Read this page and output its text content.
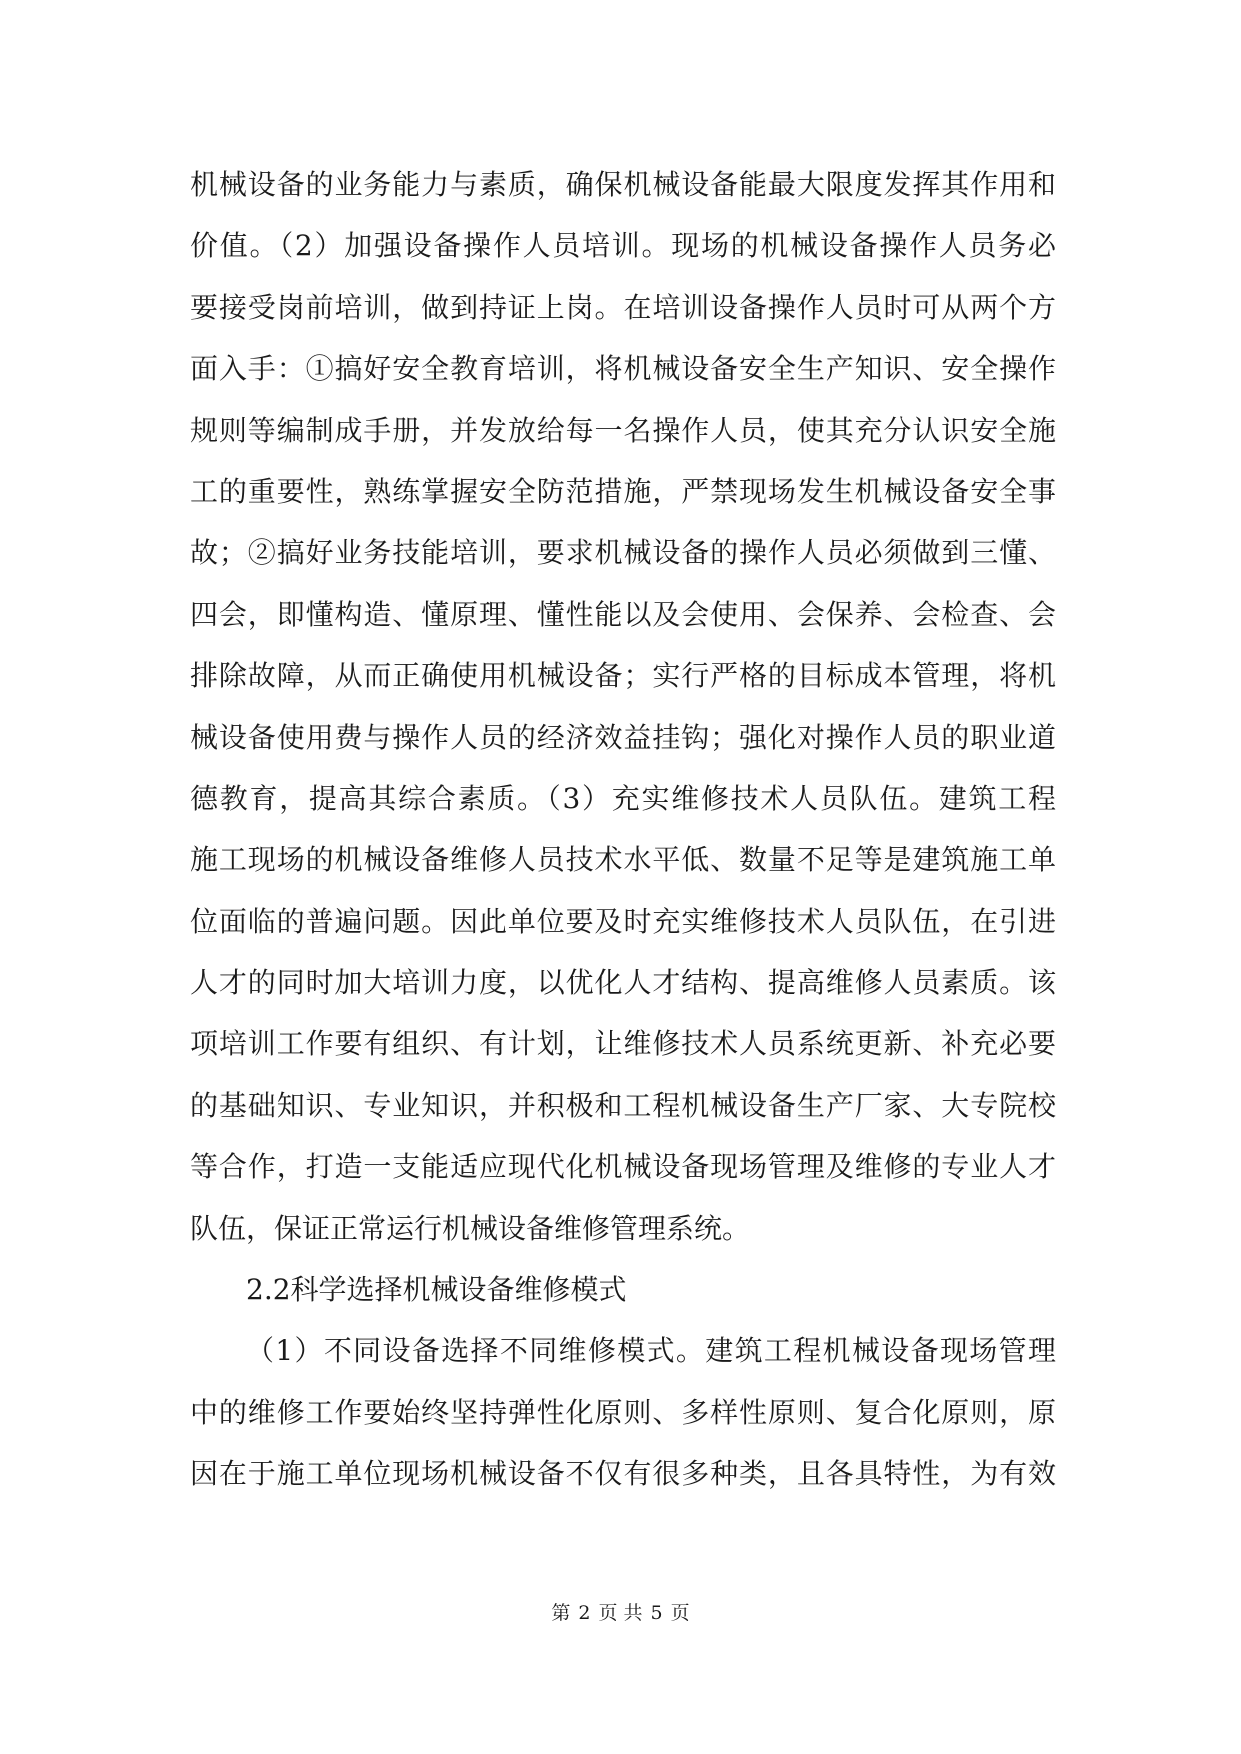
机械设备的业务能力与素质，确保机械设备能最大限度发挥其作用和
价值。（2）加强设备操作人员培训。现场的机械设备操作人员务必
要接受岗前培训，做到持证上岗。在培训设备操作人员时可从两个方
面入手：①搞好安全教育培训，将机械设备安全生产知识、安全操作
规则等编制成手册，并发放给每一名操作人员，使其充分认识安全施
工的重要性，熟练掌握安全防范措施，严禁现场发生机械设备安全事
故；②搞好业务技能培训，要求机械设备的操作人员必须做到三懂、
四会，即懂构造、懂原理、懂性能以及会使用、会保养、会检查、会
排除故障，从而正确使用机械设备；实行严格的目标成本管理，将机
械设备使用费与操作人员的经济效益挂钩；强化对操作人员的职业道
德教育，提高其综合素质。（3）充实维修技术人员队伍。建筑工程
施工现场的机械设备维修人员技术水平低、数量不足等是建筑施工单
位面临的普遍问题。因此单位要及时充实维修技术人员队伍，在引进
人才的同时加大培训力度，以优化人才结构、提高维修人员素质。该
项培训工作要有组织、有计划，让维修技术人员系统更新、补充必要
的基础知识、专业知识，并积极和工程机械设备生产厂家、大专院校
等合作，打造一支能适应现代化机械设备现场管理及维修的专业人才
队伍，保证正常运行机械设备维修管理系统。
2.2科学选择机械设备维修模式
（1）不同设备选择不同维修模式。建筑工程机械设备现场管理
中的维修工作要始终坚持弹性化原则、多样性原则、复合化原则，原
因在于施工单位现场机械设备不仅有很多种类，且各具特性，为有效
第 2 页 共 5 页
